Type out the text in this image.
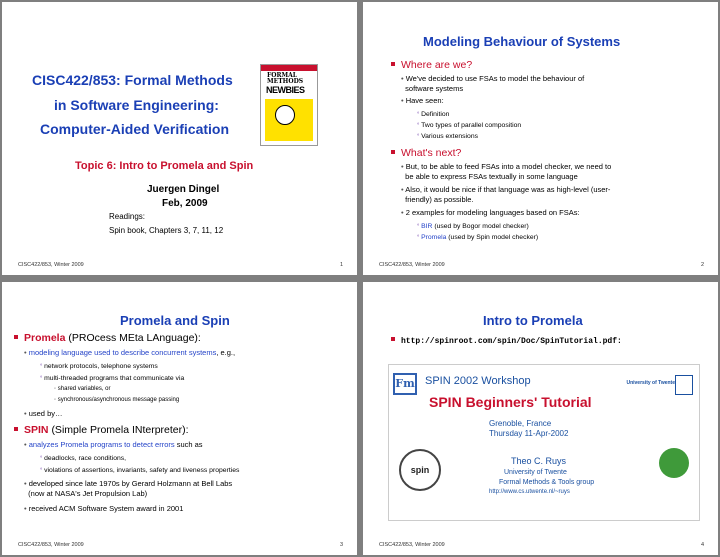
CISC422/853: Formal Methods
in Software Engineering:
Computer-Aided Verification
FORMAL
METHODS
NEWBIES
Topic 6: Intro to Promela and Spin
Juergen Dingel
Feb, 2009
Readings:
Spin book, Chapters 3, 7, 11, 12
CISC422/853, Winter 2009	1
Modeling Behaviour of Systems
Where are we?
• We've decided to use FSAs to model the behaviour of
software systems
• Have seen:
° Definition
° Two types of parallel composition
° Various extensions
What's next?
• But, to be able to feed FSAs into a model checker, we need to
be able to express FSAs textually in some language
• Also, it would be nice if that language was as high-level (user-
friendly) as possible.
• 2 examples for modeling languages based on FSAs:
° BIR (used by Bogor model checker)
° Promela (used by Spin model checker)
CISC422/853, Winter 2009	2
Promela and Spin
Promela (PROcess MEta LAnguage):
• modeling language used to describe concurrent systems, e.g.,
° network protocols, telephone systems
° multi-threaded programs that communicate via
◦ shared variables, or
◦ synchronous/asynchronous message passing
• used by…
SPIN (Simple Promela INterpreter):
• analyzes Promela programs to detect errors such as
° deadlocks, race conditions,
° violations of assertions, invariants, safety and liveness properties
• developed since late 1970s by Gerard Holzmann at Bell Labs
(now at NASA's Jet Propulsion Lab)
• received ACM Software System award in 2001
CISC422/853, Winter 2009	3
Intro to Promela
http://spinroot.com/spin/Doc/SpinTutorial.pdf:
Fm SPIN 2002 Workshop	University of Twente
SPIN Beginners' Tutorial
Grenoble, France
Thursday 11-Apr-2002
spin
Theo C. Ruys
University of Twente
Formal Methods & Tools group
http://www.cs.utwente.nl/~ruys
CISC422/853, Winter 2009	4
